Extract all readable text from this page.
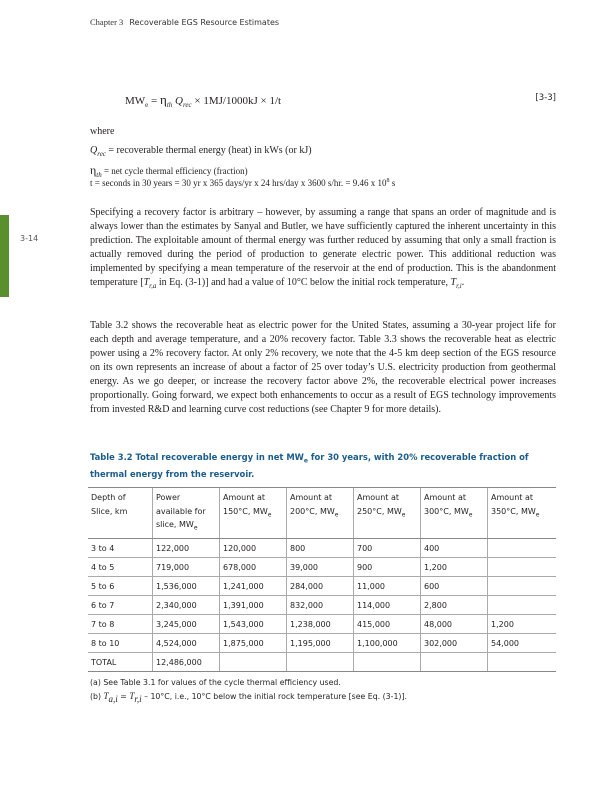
Chapter 3 Recoverable EGS Resource Estimates
3-14
$MW_e = \eta_{th}$ $Q_{rec} \times 1MJ/1000kJ \times 1/t$	[3-3]
where
$Q_{rec}$ = recoverable thermal energy (heat) in kWs (or kJ)
$\eta_{th}$ = net cycle thermal efficiency (fraction)
t = seconds in 30 years = 30 yr x 365 days/yr x 24 hrs/day x 3600 s/hr. = 9.46 x $10^8$ s
Specifying a recovery factor is arbitrary – however, by assuming a range that spans an order of magnitude and is always lower than the estimates by Sanyal and Butler, we have sufficiently captured the inherent uncertainty in this prediction. The exploitable amount of thermal energy was further reduced by assuming that only a small fraction is actually removed during the period of production to generate electric power. This additional reduction was implemented by specifying a mean temperature of the reservoir at the end of production. This is the abandonment temperature [$T_{r,a}$ in Eq. (3-1)] and had a value of 10°C below the initial rock temperature, $T_{r,i}$.
Table 3.2 shows the recoverable heat as electric power for the United States, assuming a 30-year project life for each depth and average temperature, and a 20% recovery factor. Table 3.3 shows the recoverable heat as electric power using a 2% recovery factor. At only 2% recovery, we note that the 4-5 km deep section of the EGS resource on its own represents an increase of about a factor of 25 over today’s U.S. electricity production from geothermal energy. As we go deeper, or increase the recovery factor above 2%, the recoverable electrical power increases proportionally. Going forward, we expect both enhancements to occur as a result of EGS technology improvements from invested R&D and learning curve cost reductions (see Chapter 9 for more details).
Table 3.2 Total recoverable energy in net $MW_e$ for 30 years, with 20% recoverable fraction of thermal energy from the reservoir.
Depth of Slice, km	Power available for slice, $MW_e$	Amount at 150°C, $MW_e$	Amount at 200°C, $MW_e$	Amount at 250°C, $MW_e$	Amount at 300°C, $MW_e$	Amount at 350°C, $MW_e$
3 to 4	122,000	120,000	800	700	400	
4 to 5	719,000	678,000	39,000	900	1,200	
5 to 6	1,536,000	1,241,000	284,000	11,000	600	
6 to 7	2,340,000	1,391,000	832,000	114,000	2,800	
7 to 8	3,245,000	1,543,000	1,238,000	415,000	48,000	1,200
8 to 10	4,524,000	1,875,000	1,195,000	1,100,000	302,000	54,000
TOTAL	12,486,000					
(a) See Table 3.1 for values of the cycle thermal efficiency used.
(b) $T_{a,i} = T_{r,i} - 10^\circ C$, i.e., 10°C below the initial rock temperature [see Eq. (3-1)].
